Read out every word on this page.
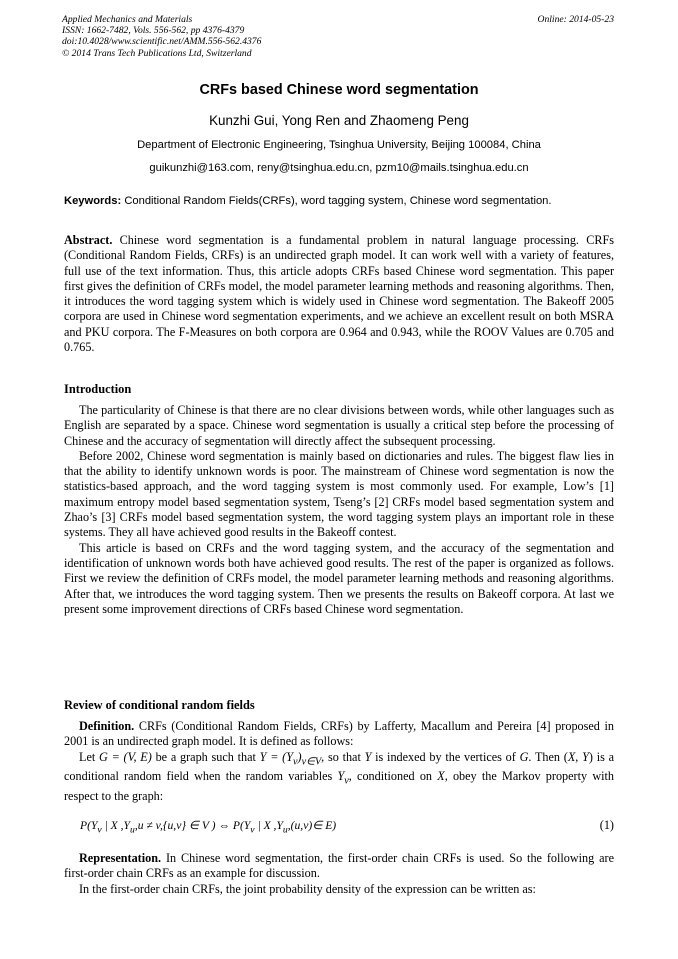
Applied Mechanics and Materials
ISSN: 1662-7482, Vols. 556-562, pp 4376-4379
doi:10.4028/www.scientific.net/AMM.556-562.4376
© 2014 Trans Tech Publications Ltd, Switzerland
Online: 2014-05-23
CRFs based Chinese word segmentation
Kunzhi Gui, Yong Ren and Zhaomeng Peng
Department of Electronic Engineering, Tsinghua University, Beijing 100084, China
guikunzhi@163.com, reny@tsinghua.edu.cn, pzm10@mails.tsinghua.edu.cn
Keywords: Conditional Random Fields(CRFs), word tagging system, Chinese word segmentation.

Abstract. Chinese word segmentation is a fundamental problem in natural language processing. CRFs (Conditional Random Fields, CRFs) is an undirected graph model. It can work well with a variety of features, full use of the text information. Thus, this article adopts CRFs based Chinese word segmentation. This paper first gives the definition of CRFs model, the model parameter learning methods and reasoning algorithms. Then, it introduces the word tagging system which is widely used in Chinese word segmentation. The Bakeoff 2005 corpora are used in Chinese word segmentation experiments, and we achieve an excellent result on both MSRA and PKU corpora. The F-Measures on both corpora are 0.964 and 0.943, while the ROOV Values are 0.705 and 0.765.

Introduction

The particularity of Chinese is that there are no clear divisions between words, while other languages such as English are separated by a space. Chinese word segmentation is usually a critical step before the processing of Chinese and the accuracy of segmentation will directly affect the subsequent processing.

Before 2002, Chinese word segmentation is mainly based on dictionaries and rules. The biggest flaw lies in that the ability to identify unknown words is poor. The mainstream of Chinese word segmentation is now the statistics-based approach, and the word tagging system is most commonly used. For example, Low’s [1] maximum entropy model based segmentation system, Tseng’s [2] CRFs model based segmentation system and Zhao’s [3] CRFs model based segmentation system, the word tagging system plays an important role in these systems. They all have achieved good results in the Bakeoff contest.

This article is based on CRFs and the word tagging system, and the accuracy of the segmentation and identification of unknown words both have achieved good results. The rest of the paper is organized as follows. First we review the definition of CRFs model, the model parameter learning methods and reasoning algorithms. After that, we introduces the word tagging system. Then we presents the results on Bakeoff corpora. At last we present some improvement directions of CRFs based Chinese word segmentation.

Review of conditional random fields

Definition. CRFs (Conditional Random Fields, CRFs) by Lafferty, Macallum and Pereira [4] proposed in 2001 is an undirected graph model. It is defined as follows:

Let G = (V, E) be a graph such that $Y = (Y_v)_{v\in V}$, so that Y is indexed by the vertices of G. Then (X, Y) is a conditional random field when the random variables $Y_v$, conditioned on X, obey the Markov property with respect to the graph:

$P(Y_v$ | X $,Y_u,u \ne v,\{u,v\}$ ∈ V ) ⇔ $P(Y_v$ | X $,Y_u,(u,v)\in$ E)	(1)

Representation. In Chinese word segmentation, the first-order chain CRFs is used. So the following are first-order chain CRFs as an example for discussion.

In the first-order chain CRFs, the joint probability density of the expression can be written as:
